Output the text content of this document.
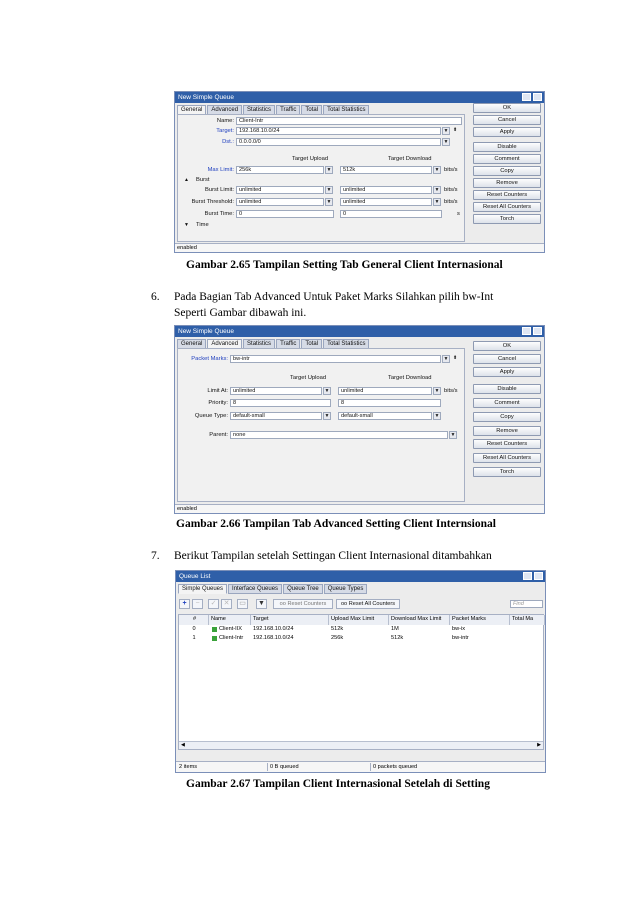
New Simple Queue
General	Advanced	Statistics	Traffic	Total	Total Statistics
Name: Client-Intr
Target: 192.168.10.0/24	▼ ⬍
Dst.: 0.0.0.0/0	▼
Target Upload	Target Download
Max Limit: 256k	▼	512k	▼ bits/s
▲ Burst
Burst Limit: unlimited	▼	unlimited	▼ bits/s
Burst Threshold: unlimited	▼	unlimited	▼ bits/s
Burst Time: 0	0	s
▼ Time
OK
Cancel
Apply
Disable
Comment
Copy
Remove
Reset Counters
Reset All Counters
Torch
enabled
Gambar 2.65 Tampilan Setting Tab General Client Internasional
6. Pada Bagian Tab Advanced Untuk Paket Marks Silahkan pilih bw-Int
Seperti Gambar dibawah ini.
New Simple Queue
General	Advanced	Statistics	Traffic	Total	Total Statistics
Packet Marks: bw-intr	▼ ⬍
Target Upload	Target Download
Limit At: unlimited	▼	unlimited	▼ bits/s
Priority: 8	8
Queue Type: default-small	▼	default-small	▼
Parent: none	▼
OK
Cancel
Apply
Disable
Comment
Copy
Remove
Reset Counters
Reset All Counters
Torch
enabled
Gambar 2.66 Tampilan Tab Advanced Setting Client Internsional
7. Berikut Tampilan setelah Settingan Client Internasional ditambahkan
Queue List
Simple Queues	Interface Queues	Queue Tree	Queue Types
+	−	✓	✕	▭	▼	oo Reset Counters	oo Reset All Counters	Find
#	Name	Target	Upload Max Limit	Download Max Limit	Packet Marks	Total Ma
0	Client-IIX	192.168.10.0/24	512k	1M	bw-ix
1	Client-Intr	192.168.10.0/24	256k	512k	bw-intr
◀	▶
2 items	0 B queued	0 packets queued
Gambar 2.67 Tampilan Client Internasional Setelah di Setting
